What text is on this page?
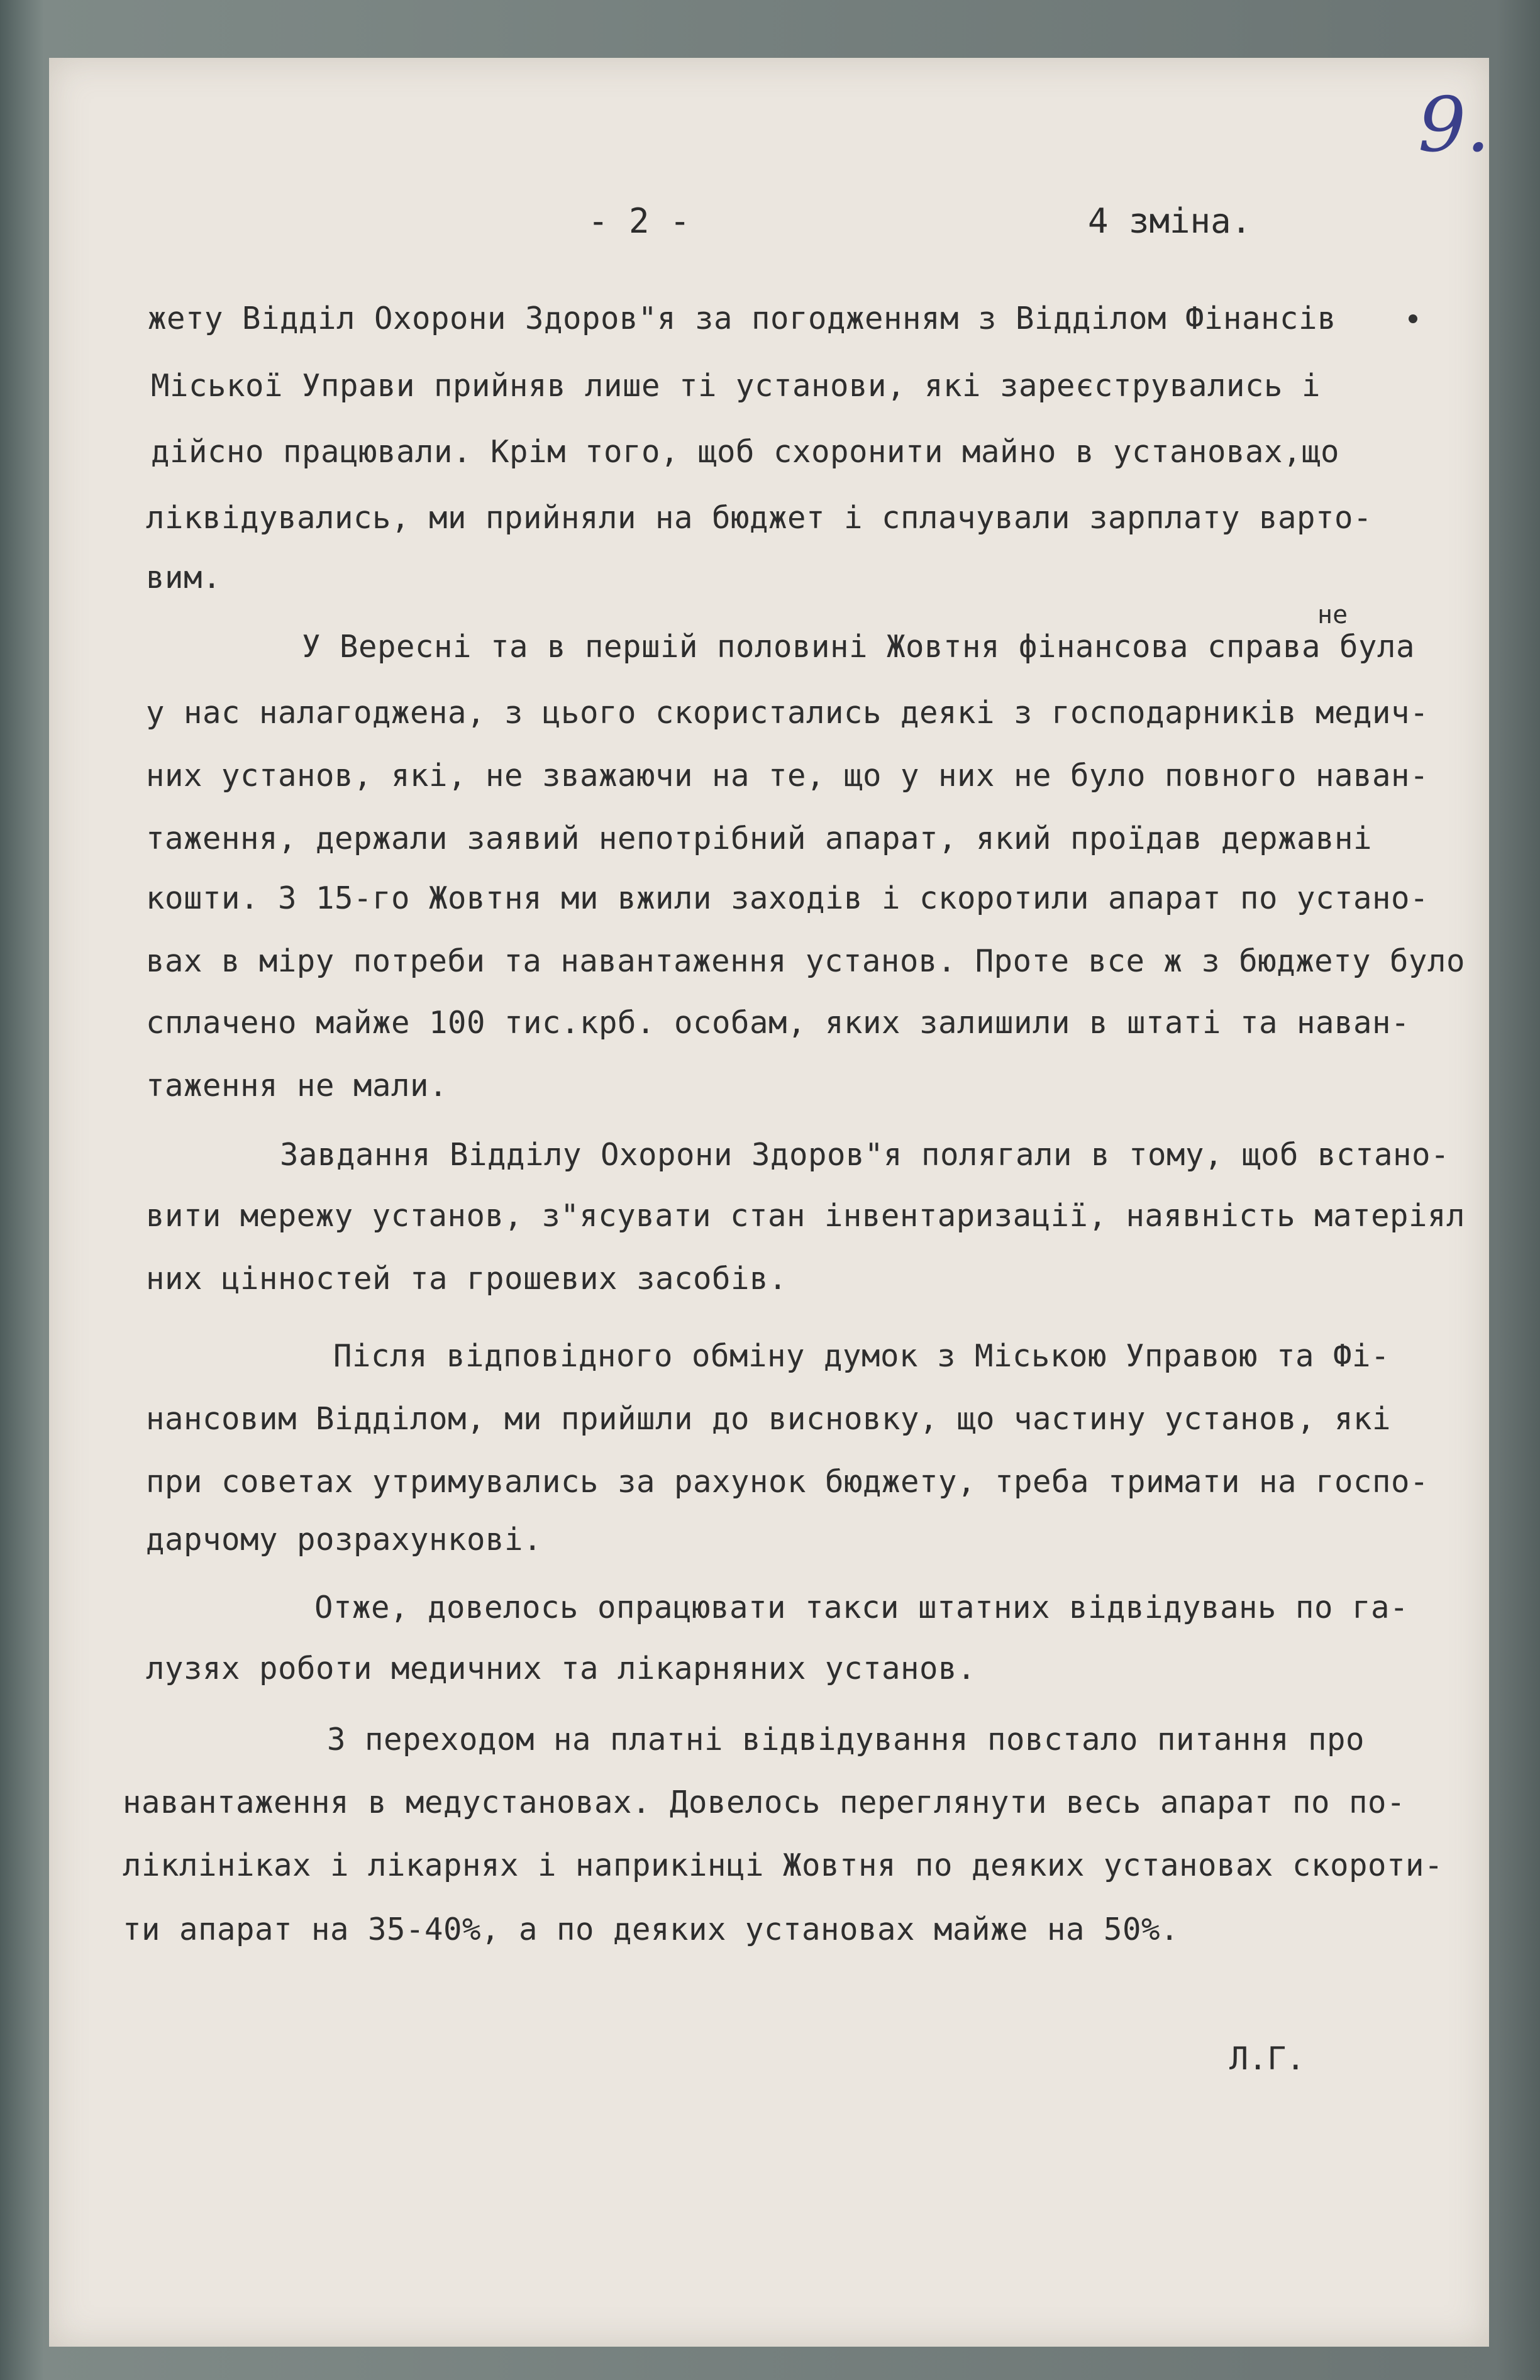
9.
- 2 -	4 зміна.
не
жету Відділ Охорони Здоров"я за погодженням з Відділом Фінансів
Міської Управи прийняв лише ті установи, які зареєструвались і
дійсно працювали. Крім того, щоб схоронити майно в установах,що
ліквідувались, ми прийняли на бюджет і сплачували зарплату варто-
вим.
У Вересні та в першій половині Жовтня фінансова справа була
у нас налагоджена, з цього скористались деякі з господарників медич-
них установ, які, не зважаючи на те, що у них не було повного наван-
таження, держали заявий непотрібний апарат, який проїдав державні
кошти. З 15-го Жовтня ми вжили заходів і скоротили апарат по устано-
вах в міру потреби та навантаження установ. Проте все ж з бюджету було
сплачено майже 100 тис.крб. особам, яких залишили в штаті та наван-
таження не мали.
Завдання Відділу Охорони Здоров"я полягали в тому, щоб встано-
вити мережу установ, з"ясувати стан інвентаризації, наявність матеріял
них цінностей та грошевих засобів.
Після відповідного обміну думок з Міською Управою та Фі-
нансовим Відділом, ми прийшли до висновку, що частину установ, які
при советах утримувались за рахунок бюджету, треба тримати на госпо-
дарчому розрахункові.
Отже, довелось опрацювати такси штатних відвідувань по га-
лузях роботи медичних та лікарняних установ.
З переходом на платні відвідування повстало питання про
навантаження в медустановах. Довелось переглянути весь апарат по по-
ліклініках і лікарнях і наприкінці Жовтня по деяких установах скороти-
ти апарат на 35-40%, а по деяких установах майже на 50%.
Л.Г.
